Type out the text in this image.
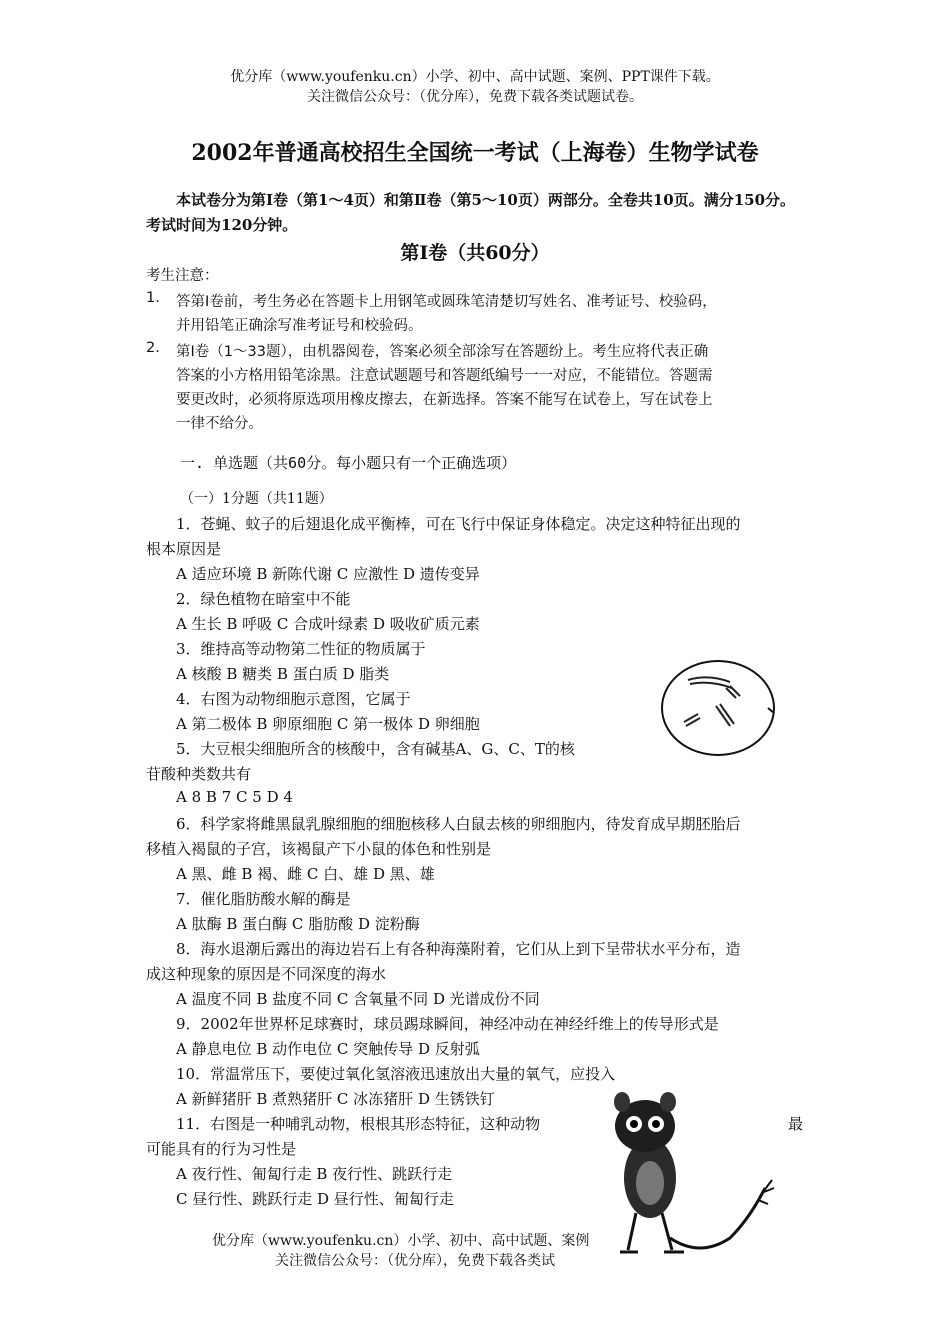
优分库（www.youfenku.cn）小学、初中、高中试题、案例、PPT课件下载。
关注微信公众号：（优分库），免费下载各类试题试卷。
2002年普通高校招生全国统一考试（上海卷）生物学试卷
本试卷分为第Ⅰ卷（第1～4页）和第Ⅱ卷（第5～10页）两部分。全卷共10页。满分150分。考试时间为120分钟。
第Ⅰ卷（共60分）
考生注意：
1. 答第Ⅰ卷前，考生务必在答题卡上用钢笔或圆珠笔清楚切写姓名、准考证号、校验码，
并用铅笔正确涂写准考证号和校验码。
2. 第Ⅰ卷（1～33题），由机器阅卷，答案必须全部涂写在答题纷上。考生应将代表正确
答案的小方格用铅笔涂黑。注意试题题号和答题纸编号一一对应，不能错位。答题需
要更改时，必须将原选项用橡皮擦去，在新选择。答案不能写在试卷上，写在试卷上
一律不给分。
一. 单选题（共60分。每小题只有一个正确选项）
（一）1分题（共11题）
1．苍蝇、蚊子的后翅退化成平衡棒，可在飞行中保证身体稳定。决定这种特征出现的
根本原因是
A 适应环境 B 新陈代谢 C 应激性 D 遗传变异
2．绿色植物在暗室中不能
A 生长 B 呼吸 C 合成叶绿素 D 吸收矿质元素
3．维持高等动物第二性征的物质属于
A 核酸 B 糖类 B 蛋白质 D 脂类
4．右图为动物细胞示意图，它属于
A 第二极体 B 卵原细胞 C 第一极体 D 卵细胞
5．大豆根尖细胞所含的核酸中，含有碱基A、G、C、T的核
苷酸种类数共有
A 8 B 7 C 5 D 4
6．科学家将雌黑鼠乳腺细胞的细胞核移人白鼠去核的卵细胞内，待发育成早期胚胎后
移植入褐鼠的子宫，该褐鼠产下小鼠的体色和性别是
A 黑、雌 B 褐、雌 C 白、雄 D 黑、雄
7．催化脂肪酸水解的酶是
A 肽酶 B 蛋白酶 C 脂肪酸 D 淀粉酶
8．海水退潮后露出的海边岩石上有各种海藻附着，它们从上到下呈带状水平分布，造
成这种现象的原因是不同深度的海水
A 温度不同 B 盐度不同 C 含氧量不同 D 光谱成份不同
9．2002年世界杯足球赛时，球员踢球瞬间，神经冲动在神经纤维上的传导形式是
A 静息电位 B 动作电位 C 突触传导 D 反射弧
10．常温常压下，要使过氧化氢溶液迅速放出大量的氧气，应投入
A 新鲜猪肝 B 煮熟猪肝 C 冰冻猪肝 D 生锈铁钉
11．右图是一种哺乳动物，根根其形态特征，这种动物	最
可能具有的行为习性是
A 夜行性、匍匐行走 B 夜行性、跳跃行走
C 昼行性、跳跃行走 D 昼行性、匍匐行走
优分库（www.youfenku.cn）小学、初中、高中试题、案例
关注微信公众号：（优分库），免费下载各类试
